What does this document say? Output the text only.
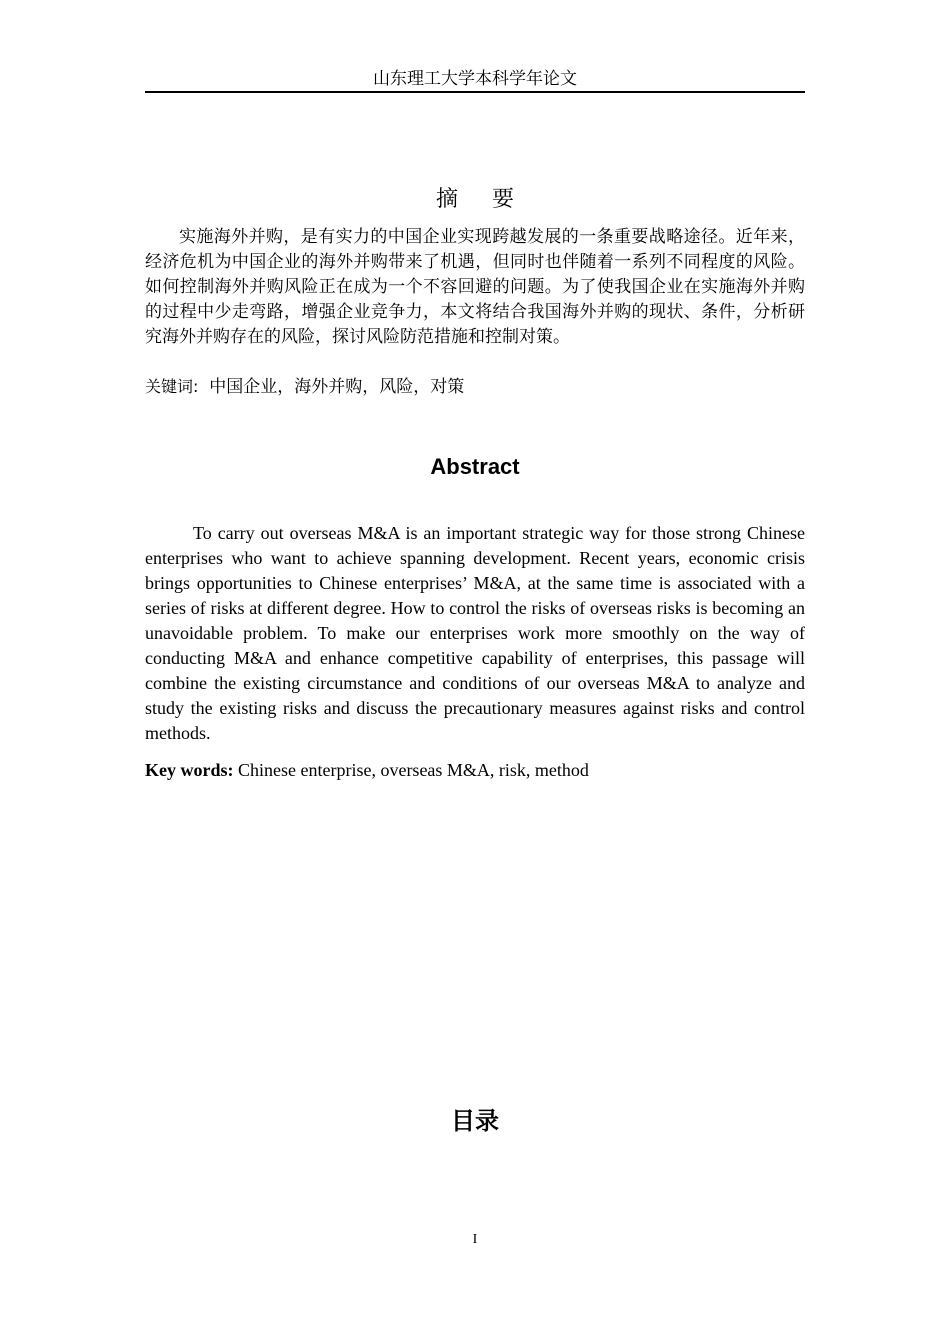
山东理工大学本科学年论文
摘 要
实施海外并购，是有实力的中国企业实现跨越发展的一条重要战略途径。近年来，经济危机为中国企业的海外并购带来了机遇，但同时也伴随着一系列不同程度的风险。如何控制海外并购风险正在成为一个不容回避的问题。为了使我国企业在实施海外并购的过程中少走弯路，增强企业竞争力，本文将结合我国海外并购的现状、条件，分析研究海外并购存在的风险，探讨风险防范措施和控制对策。
关键词: 中国企业，海外并购，风险，对策
Abstract
To carry out overseas M&A is an important strategic way for those strong Chinese enterprises who want to achieve spanning development. Recent years, economic crisis brings opportunities to Chinese enterprises’ M&A, at the same time is associated with a series of risks at different degree. How to control the risks of overseas risks is becoming an unavoidable problem. To make our enterprises work more smoothly on the way of conducting M&A and enhance competitive capability of enterprises, this passage will combine the existing circumstance and conditions of our overseas M&A to analyze and study the existing risks and discuss the precautionary measures against risks and control methods.
Key words: Chinese enterprise, overseas M&A, risk, method
目录
I
